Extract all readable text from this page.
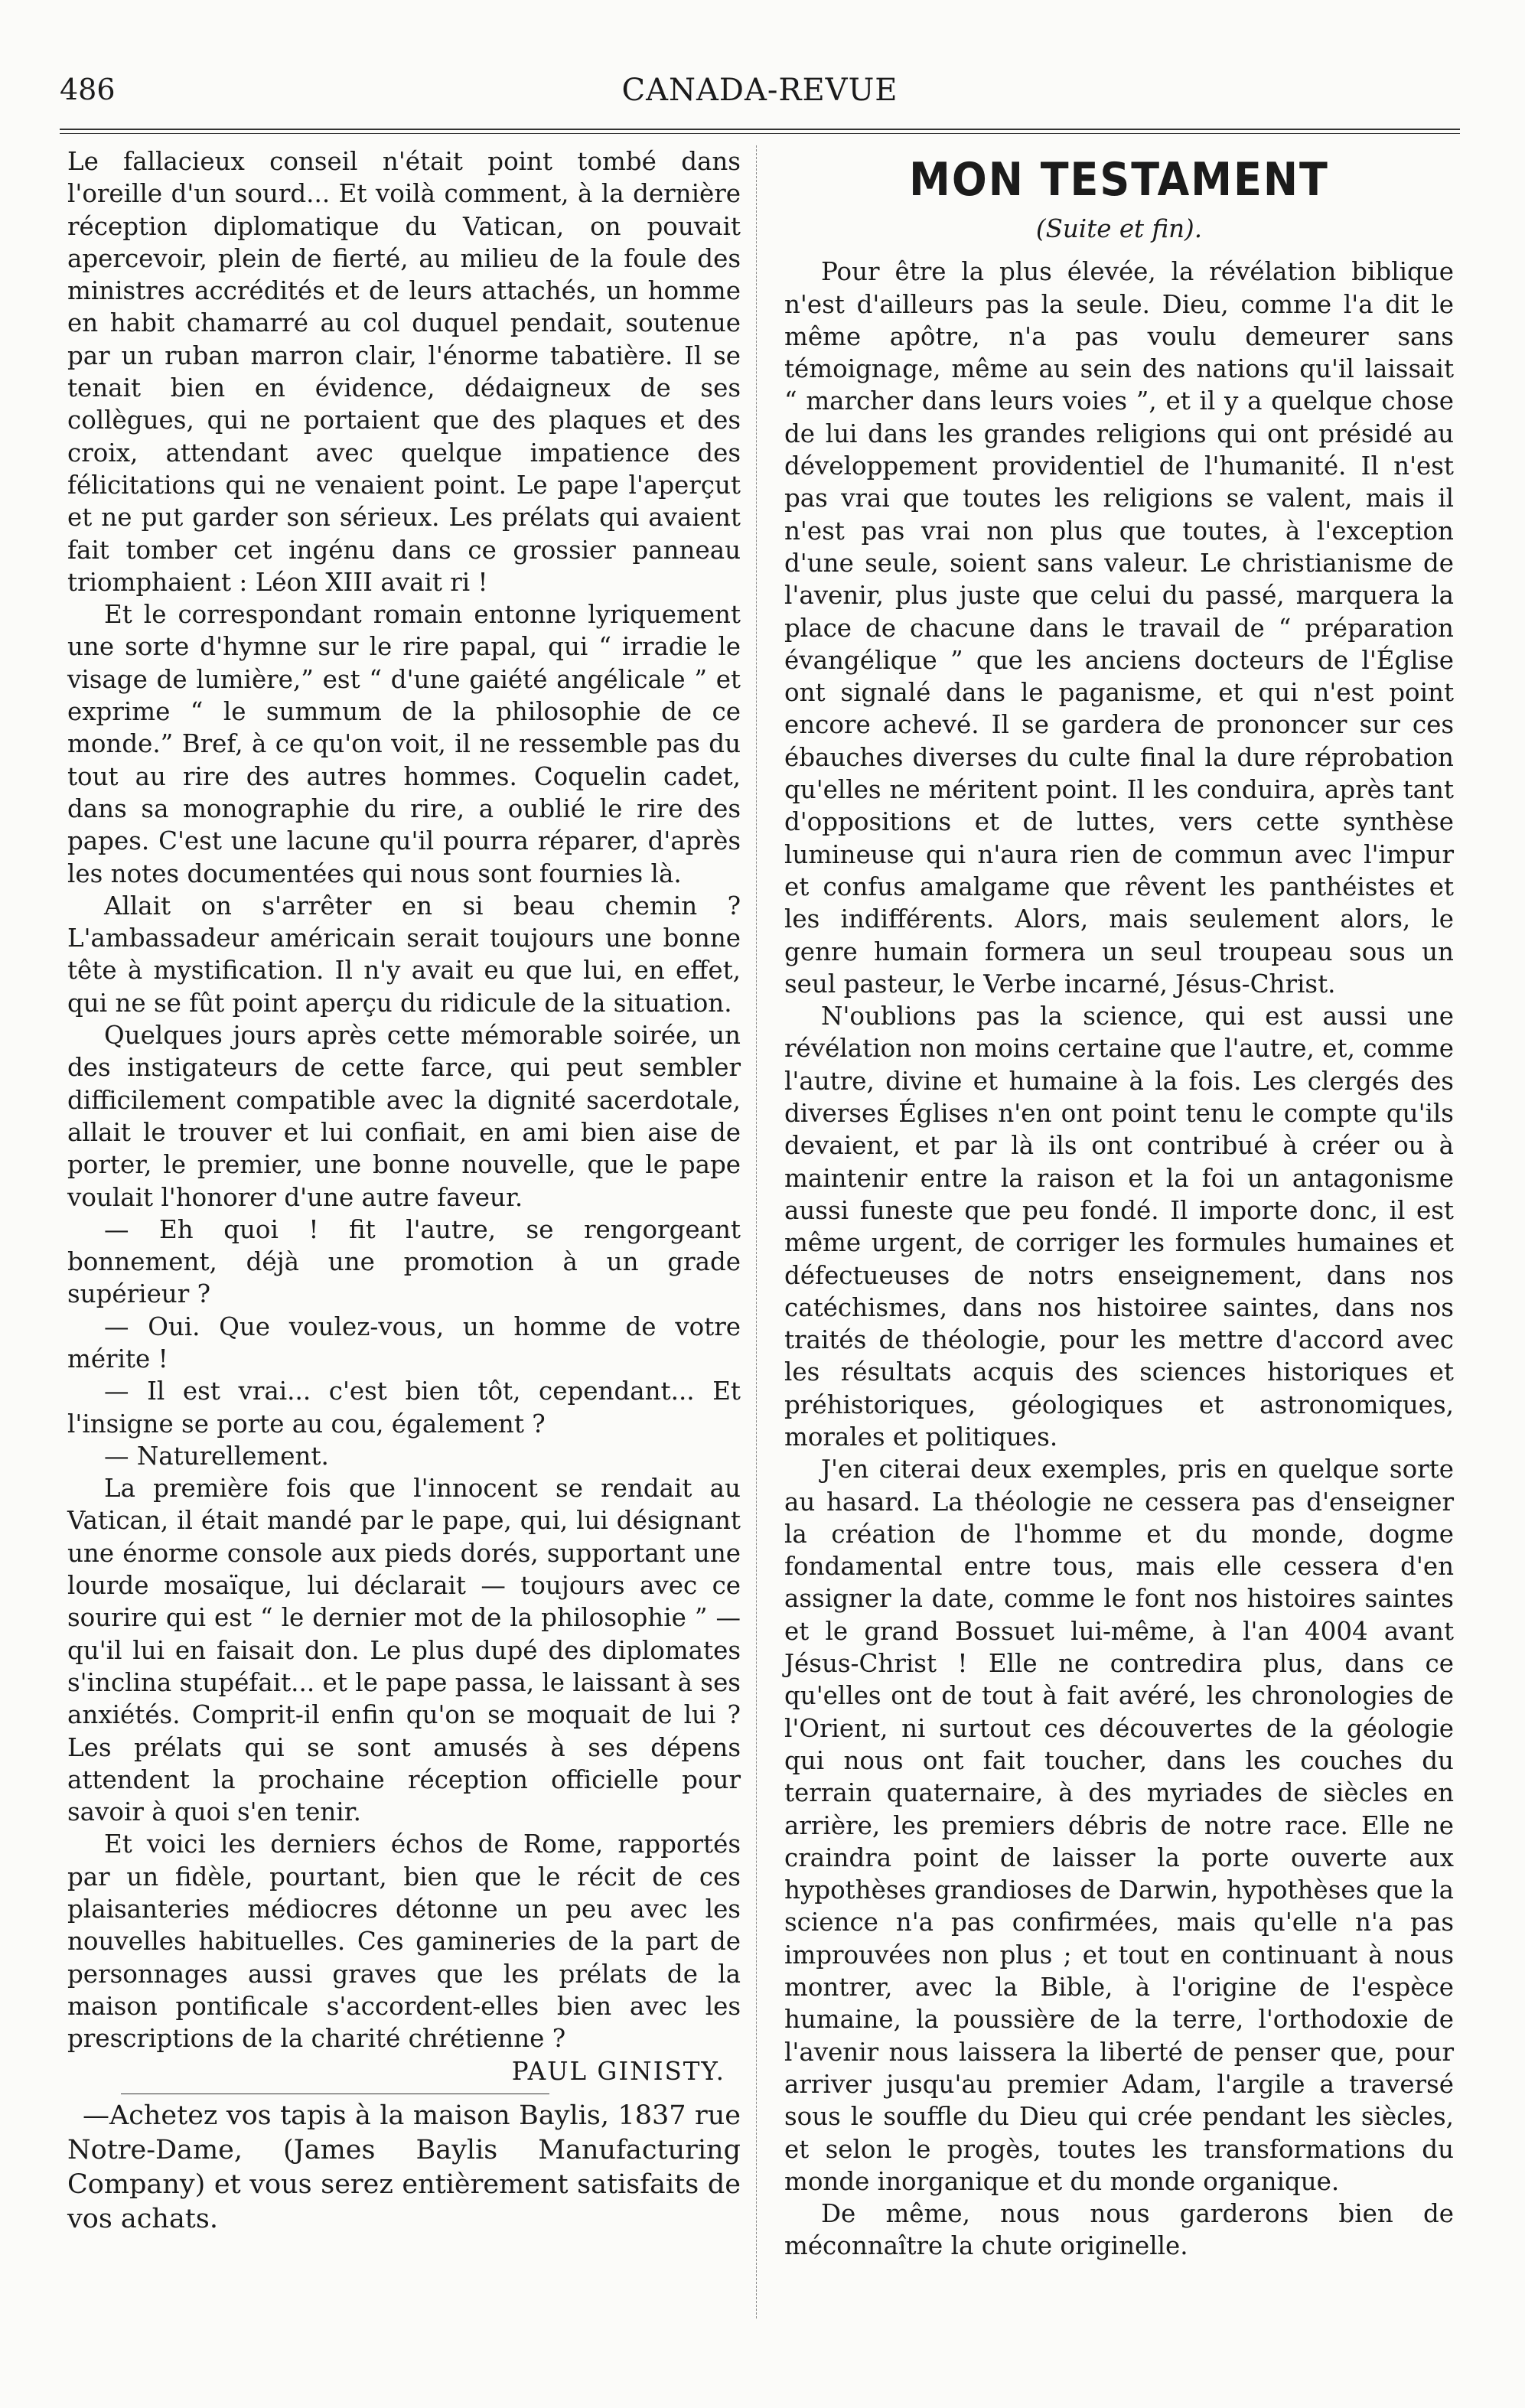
486	CANADA-REVUE

Le fallacieux conseil n'était point tombé dans l'oreille d'un sourd... Et voilà comment, à la dernière réception diplomatique du Vatican, on pouvait apercevoir, plein de fierté, au milieu de la foule des ministres accrédités et de leurs attachés, un homme en habit chamarré au col duquel pendait, soutenue par un ruban marron clair, l'énorme tabatière. Il se tenait bien en évidence, dédaigneux de ses collègues, qui ne portaient que des plaques et des croix, attendant avec quelque impatience des félicitations qui ne venaient point. Le pape l'aperçut et ne put garder son sérieux. Les prélats qui avaient fait tomber cet ingénu dans ce grossier panneau triomphaient : Léon XIII avait ri !

Et le correspondant romain entonne lyriquement une sorte d'hymne sur le rire papal, qui “ irradie le visage de lumière,” est “ d'une gaiété angélicale ” et exprime “ le summum de la philosophie de ce monde.” Bref, à ce qu'on voit, il ne ressemble pas du tout au rire des autres hommes. Coquelin cadet, dans sa monographie du rire, a oublié le rire des papes. C'est une lacune qu'il pourra réparer, d'après les notes documentées qui nous sont fournies là.

Allait on s'arrêter en si beau chemin ? L'ambassadeur américain serait toujours une bonne tête à mystification. Il n'y avait eu que lui, en effet, qui ne se fût point aperçu du ridicule de la situation.

Quelques jours après cette mémorable soirée, un des instigateurs de cette farce, qui peut sembler difficilement compatible avec la dignité sacerdotale, allait le trouver et lui confiait, en ami bien aise de porter, le premier, une bonne nouvelle, que le pape voulait l'honorer d'une autre faveur.

— Eh quoi ! fit l'autre, se rengorgeant bonnement, déjà une promotion à un grade supérieur ?

— Oui. Que voulez-vous, un homme de votre mérite !

— Il est vrai... c'est bien tôt, cependant... Et l'insigne se porte au cou, également ?

— Naturellement.

La première fois que l'innocent se rendait au Vatican, il était mandé par le pape, qui, lui désignant une énorme console aux pieds dorés, supportant une lourde mosaïque, lui déclarait — toujours avec ce sourire qui est “ le dernier mot de la philosophie ” — qu'il lui en faisait don. Le plus dupé des diplomates s'inclina stupéfait... et le pape passa, le laissant à ses anxiétés. Comprit-il enfin qu'on se moquait de lui ? Les prélats qui se sont amusés à ses dépens attendent la prochaine réception officielle pour savoir à quoi s'en tenir.

Et voici les derniers échos de Rome, rapportés par un fidèle, pourtant, bien que le récit de ces plaisanteries médiocres détonne un peu avec les nouvelles habituelles. Ces gamineries de la part de personnages aussi graves que les prélats de la maison pontificale s'accordent-elles bien avec les prescriptions de la charité chrétienne ?

PAUL GINISTY.

—Achetez vos tapis à la maison Baylis, 1837 rue Notre-Dame, (James Baylis Manufacturing Company) et vous serez entièrement satisfaits de vos achats.

MON TESTAMENT
(Suite et fin).

Pour être la plus élevée, la révélation biblique n'est d'ailleurs pas la seule. Dieu, comme l'a dit le même apôtre, n'a pas voulu demeurer sans témoignage, même au sein des nations qu'il laissait “ marcher dans leurs voies ”, et il y a quelque chose de lui dans les grandes religions qui ont présidé au développement providentiel de l'humanité. Il n'est pas vrai que toutes les religions se valent, mais il n'est pas vrai non plus que toutes, à l'exception d'une seule, soient sans valeur. Le christianisme de l'avenir, plus juste que celui du passé, marquera la place de chacune dans le travail de “ préparation évangélique ” que les anciens docteurs de l'Église ont signalé dans le paganisme, et qui n'est point encore achevé. Il se gardera de prononcer sur ces ébauches diverses du culte final la dure réprobation qu'elles ne méritent point. Il les conduira, après tant d'oppositions et de luttes, vers cette synthèse lumineuse qui n'aura rien de commun avec l'impur et confus amalgame que rêvent les panthéistes et les indifférents. Alors, mais seulement alors, le genre humain formera un seul troupeau sous un seul pasteur, le Verbe incarné, Jésus-Christ.

N'oublions pas la science, qui est aussi une révélation non moins certaine que l'autre, et, comme l'autre, divine et humaine à la fois. Les clergés des diverses Églises n'en ont point tenu le compte qu'ils devaient, et par là ils ont contribué à créer ou à maintenir entre la raison et la foi un antagonisme aussi funeste que peu fondé. Il importe donc, il est même urgent, de corriger les formules humaines et défectueuses de notrs enseignement, dans nos catéchismes, dans nos histoiree saintes, dans nos traités de théologie, pour les mettre d'accord avec les résultats acquis des sciences historiques et préhistoriques, géologiques et astronomiques, morales et politiques.

J'en citerai deux exemples, pris en quelque sorte au hasard. La théologie ne cessera pas d'enseigner la création de l'homme et du monde, dogme fondamental entre tous, mais elle cessera d'en assigner la date, comme le font nos histoires saintes et le grand Bossuet lui-même, à l'an 4004 avant Jésus-Christ ! Elle ne contredira plus, dans ce qu'elles ont de tout à fait avéré, les chronologies de l'Orient, ni surtout ces découvertes de la géologie qui nous ont fait toucher, dans les couches du terrain quaternaire, à des myriades de siècles en arrière, les premiers débris de notre race. Elle ne craindra point de laisser la porte ouverte aux hypothèses grandioses de Darwin, hypothèses que la science n'a pas confirmées, mais qu'elle n'a pas improuvées non plus ; et tout en continuant à nous montrer, avec la Bible, à l'origine de l'espèce humaine, la poussière de la terre, l'orthodoxie de l'avenir nous laissera la liberté de penser que, pour arriver jusqu'au premier Adam, l'argile a traversé sous le souffle du Dieu qui crée pendant les siècles, et selon le progès, toutes les transformations du monde inorganique et du monde organique.

De même, nous nous garderons bien de méconnaître la chute originelle.
